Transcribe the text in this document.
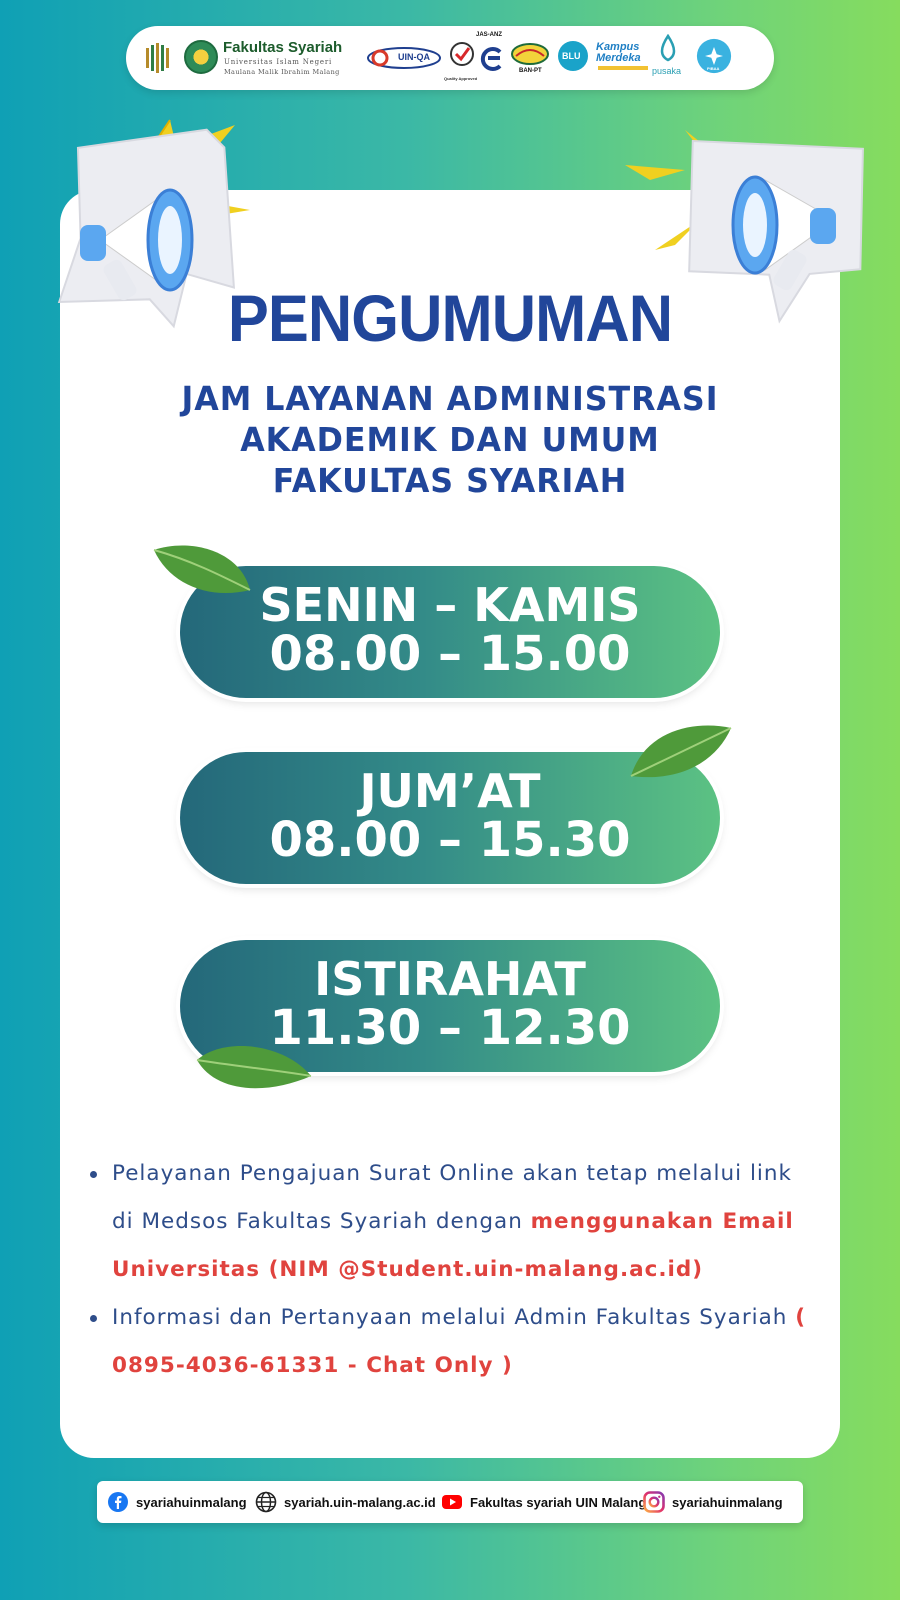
Fakultas Syariah
Universitas Islam Negeri
Maulana Malik Ibrahim Malang
UIN-QA
Quality Approved
JAS-ANZ
BAN-PT
BLU
Kampus Merdeka
pusaka	PIBAA
PENGUMUMAN
JAM LAYANAN ADMINISTRASI
AKADEMIK DAN UMUM
FAKULTAS SYARIAH
SENIN – KAMIS
08.00 – 15.00
JUM’AT
08.00 – 15.30
ISTIRAHAT
11.30 – 12.30
Pelayanan Pengajuan Surat Online akan tetap melalui link di Medsos Fakultas Syariah dengan menggunakan Email Universitas (NIM @Student.uin-malang.ac.id)
Informasi dan Pertanyaan melalui Admin Fakultas Syariah ( 0895-4036-61331 - Chat Only )
syariahuinmalang	syariah.uin-malang.ac.id	Fakultas syariah UIN Malang syariahuinmalang
